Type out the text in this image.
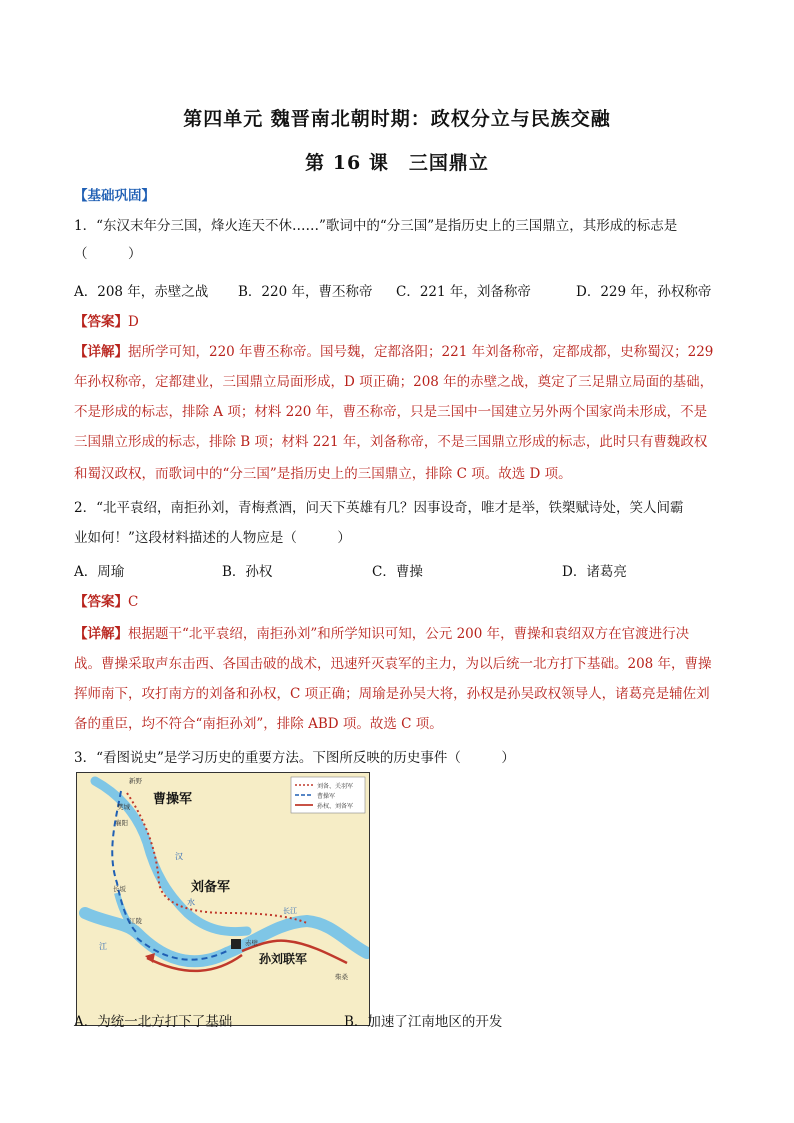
第四单元 魏晋南北朝时期：政权分立与民族交融
第 16 课　三国鼎立
【基础巩固】
1．“东汉末年分三国，烽火连天不休……”歌词中的“分三国”是指历史上的三国鼎立，其形成的标志是
（　　　）
A．208 年，赤壁之战 B．220 年，曹丕称帝 C．221 年，刘备称帝	D．229 年，孙权称帝
【答案】D
【详解】据所学可知，220 年曹丕称帝。国号魏，定都洛阳；221 年刘备称帝，定都成都，史称蜀汉；229
年孙权称帝，定都建业，三国鼎立局面形成，D 项正确；208 年的赤壁之战，奠定了三足鼎立局面的基础，
不是形成的标志，排除 A 项；材料 220 年，曹丕称帝，只是三国中一国建立另外两个国家尚未形成，不是
三国鼎立形成的标志，排除 B 项；材料 221 年，刘备称帝，不是三国鼎立形成的标志，此时只有曹魏政权
和蜀汉政权，而歌词中的“分三国”是指历史上的三国鼎立，排除 C 项。故选 D 项。
2．“北平袁绍，南拒孙刘，青梅煮酒，问天下英雄有几？因事设奇，唯才是举，铁槊赋诗处，笑人间霸
业如何！”这段材料描述的人物应是（　　　）
A．周瑜	B．孙权	C．曹操	D．诸葛亮
【答案】C
【详解】根据题干“北平袁绍，南拒孙刘”和所学知识可知，公元 200 年，曹操和袁绍双方在官渡进行决
战。曹操采取声东击西、各国击破的战术，迅速歼灭袁军的主力，为以后统一北方打下基础。208 年，曹操
挥师南下，攻打南方的刘备和孙权，C 项正确；周瑜是孙吴大将，孙权是孙吴政权领导人，诸葛亮是辅佐刘
备的重臣，均不符合“南拒孙刘”，排除 ABD 项。故选 C 项。
3．“看图说史”是学习历史的重要方法。下图所反映的历史事件（　　　）
刘备、关羽军
曹操军
孙权、刘备军
曹操军
刘备军
孙刘联军
新野
樊城
襄阳
长坂
江陵
赤壁
柴桑
汉
水
长江
江
A．为统一北方打下了基础	B．加速了江南地区的开发
